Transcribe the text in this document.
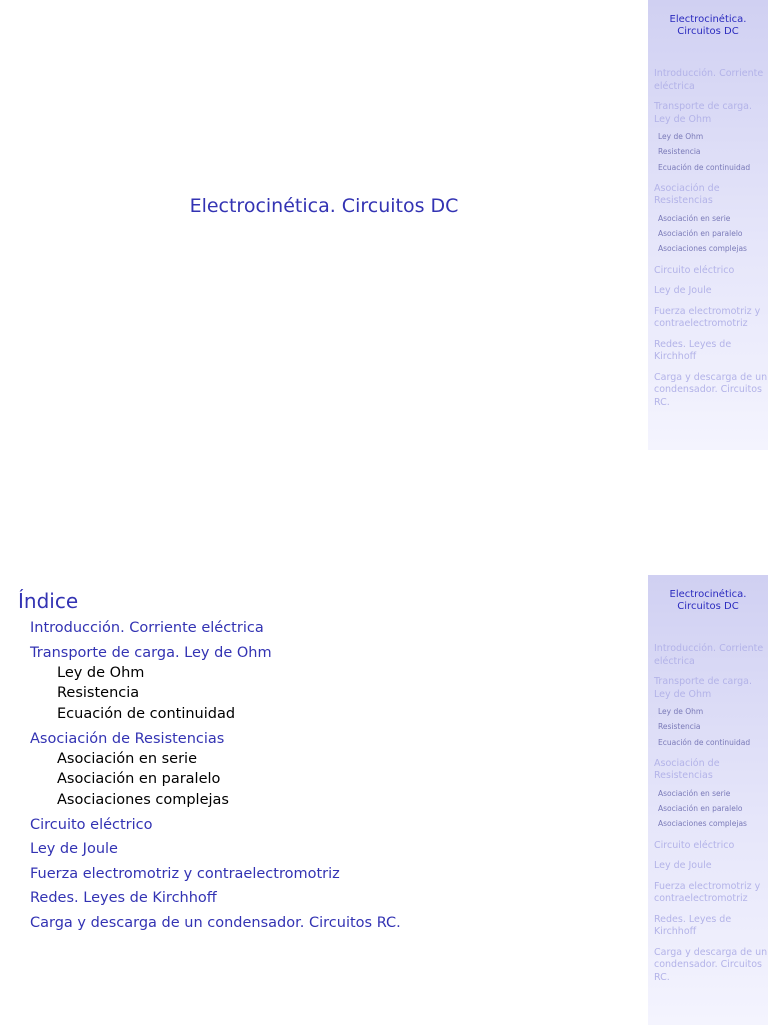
Electrocinética. Circuitos DC
Electrocinética. Circuitos DC
Introducción. Corriente eléctrica
Transporte de carga. Ley de Ohm
Ley de Ohm
Resistencia
Ecuación de continuidad
Asociación de Resistencias
Asociación en serie
Asociación en paralelo
Asociaciones complejas
Circuito eléctrico
Ley de Joule
Fuerza electromotriz y contraelectromotriz
Redes. Leyes de Kirchhoff
Carga y descarga de un condensador. Circuitos RC.
Índice
Introducción. Corriente eléctrica
Transporte de carga. Ley de Ohm
Ley de Ohm
Resistencia
Ecuación de continuidad
Asociación de Resistencias
Asociación en serie
Asociación en paralelo
Asociaciones complejas
Circuito eléctrico
Ley de Joule
Fuerza electromotriz y contraelectromotriz
Redes. Leyes de Kirchhoff
Carga y descarga de un condensador. Circuitos RC.
Electrocinética. Circuitos DC
Introducción. Corriente eléctrica
Transporte de carga. Ley de Ohm
Ley de Ohm
Resistencia
Ecuación de continuidad
Asociación de Resistencias
Asociación en serie
Asociación en paralelo
Asociaciones complejas
Circuito eléctrico
Ley de Joule
Fuerza electromotriz y contraelectromotriz
Redes. Leyes de Kirchhoff
Carga y descarga de un condensador. Circuitos RC.
